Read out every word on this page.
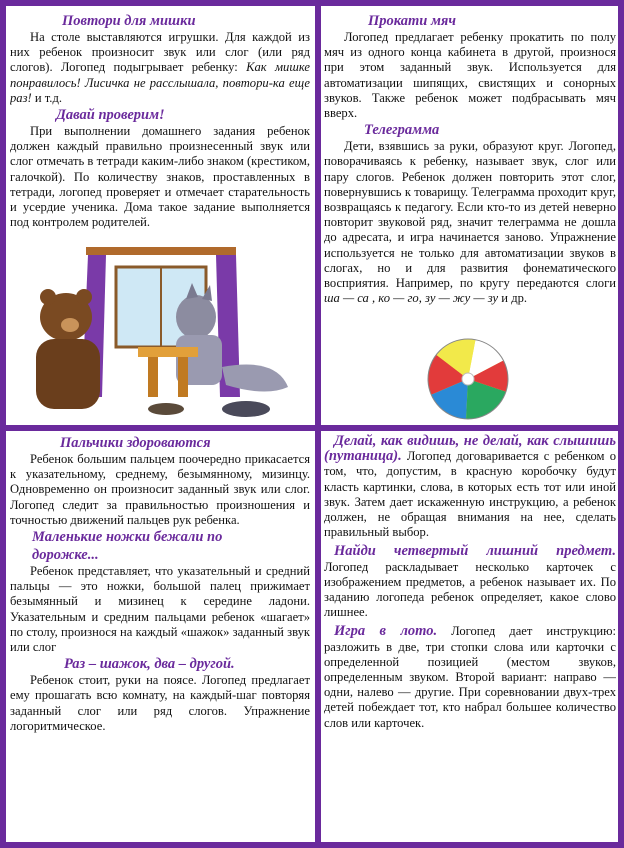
Повтори для мишки

На столе выставляются игрушки. Для каждой из них ребенок произносит звук или слог (или ряд слогов). Логопед подыгрывает ребенку: Как мишке понравилось! Лисичка не расслышала, повтори-ка еще раз! и т.д.

Давай проверим!

При выполнении домашнего задания ребенок должен каждый правильно произнесенный звук или слог отмечать в тетради каким-либо знаком (крестиком, галочкой). По количеству знаков, проставленных в тетради, логопед проверяет и отмечает старательность и усердие ученика. Дома такое задание выполняется под контролем родителей.

Прокати мяч

Логопед предлагает ребенку прокатить по полу мяч из одного конца кабинета в другой, произнося при этом заданный звук. Используется для автоматизации шипящих, свистящих и сонорных звуков. Также ребенок может подбрасывать мяч вверх.

Телеграмма

Дети, взявшись за руки, образуют круг. Логопед, поворачиваясь к ребенку, называет звук, слог или пару слогов. Ребенок должен повторить этот слог, повернувшись к товарищу. Телеграмма проходит круг, возвращаясь к педагогу. Если кто-то из детей неверно повторит звуковой ряд, значит телеграмма не дошла до адресата, и игра начинается заново. Упражнение используется не только для автоматизации звуков в слогах, но и для развития фонематического восприятия. Например, по кругу передаются слоги ша — са , ко — го, зу — жу — зу и др.

Пальчики здороваются

Ребенок большим пальцем поочередно прикасается к указательному, среднему, безымянному, мизинцу. Одновременно он произносит заданный звук или слог. Логопед следит за правильностью произношения и точностью движений пальцев рук ребенка.

Маленькие ножки бежали по дорожке...

Ребенок представляет, что указательный и средний пальцы — это ножки, большой палец прижимает безымянный и мизинец к середине ладони. Указательным и средним пальцами ребенок «шагает» по столу, произнося на каждый «шажок» заданный звук или слог

Раз – шажок, два – другой.

Ребенок стоит, руки на поясе. Логопед предлагает ему прошагать всю комнату, на каждый-шаг повторяя заданный слог или ряд слогов. Упражнение логоритмическое.

Делай, как видишь, не делай, как слышишь (путаница). Логопед договаривается с ребенком о том, что, допустим, в красную коробочку будут класть картинки, слова, в которых есть тот или иной звук. Затем дает искаженную инструкцию, а ребенок должен, не обращая внимания на нее, сделать правильный выбор.

Найди четвертый лишний предмет. Логопед раскладывает несколько карточек с изображением предметов, а ребенок называет их. По заданию логопеда ребенок определяет, какое слово лишнее.

Игра в лото. Логопед дает инструкцию: разложить в две, три стопки слова или карточки с определенной позицией (местом звуков, определенным звуком. Второй вариант: направо — одни, налево — другие. При соревновании двух-трех детей побеждает тот, кто набрал большее количество слов или карточек.
